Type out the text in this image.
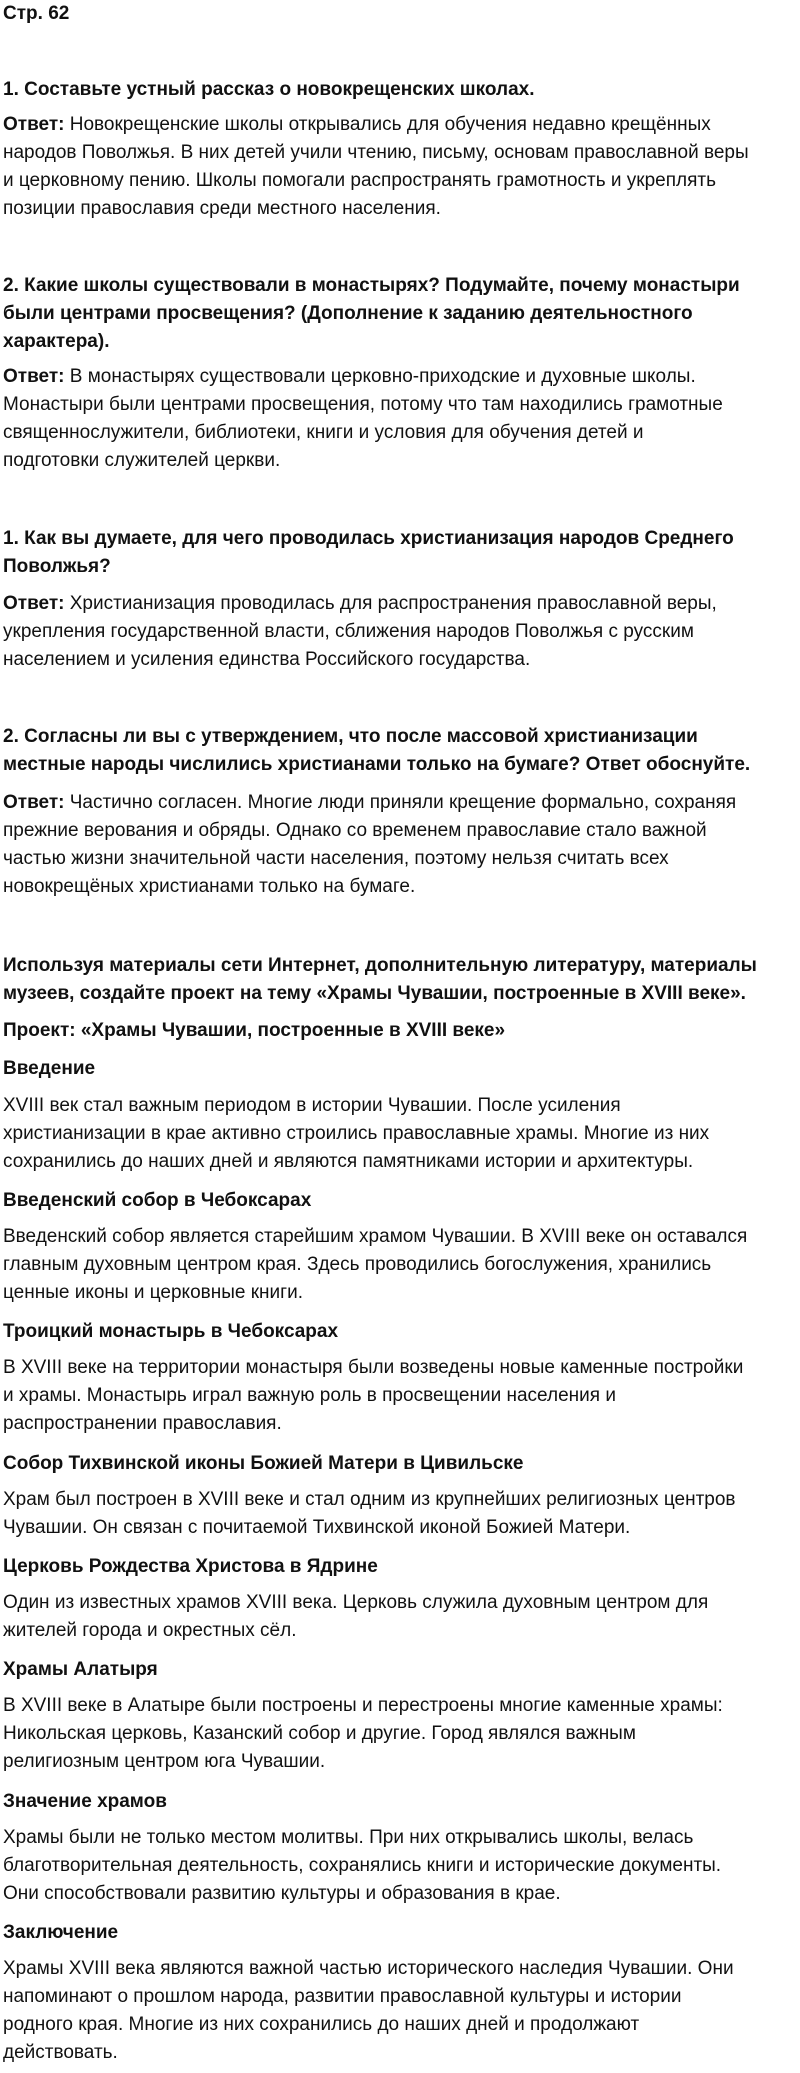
Стр. 62

1. Составьте устный рассказ о новокрещенских школах.

Ответ: Новокрещенские школы открывались для обучения недавно крещённых

народов Поволжья. В них детей учили чтению, письму, основам православной веры

и церковному пению. Школы помогали распространять грамотность и укреплять

позиции православия среди местного населения.

2. Какие школы существовали в монастырях? Подумайте, почему монастыри

были центрами просвещения? (Дополнение к заданию деятельностного

характера).

Ответ: В монастырях существовали церковно-приходские и духовные школы.

Монастыри были центрами просвещения, потому что там находились грамотные

священнослужители, библиотеки, книги и условия для обучения детей и

подготовки служителей церкви.

1. Как вы думаете, для чего проводилась христианизация народов Среднего

Поволжья?

Ответ: Христианизация проводилась для распространения православной веры,

укрепления государственной власти, сближения народов Поволжья с русским

населением и усиления единства Российского государства.

2. Согласны ли вы с утверждением, что после массовой христианизации

местные народы числились христианами только на бумаге? Ответ обоснуйте.

Ответ: Частично согласен. Многие люди приняли крещение формально, сохраняя

прежние верования и обряды. Однако со временем православие стало важной

частью жизни значительной части населения, поэтому нельзя считать всех

новокрещёных христианами только на бумаге.

Используя материалы сети Интернет, дополнительную литературу, материалы

музеев, создайте проект на тему «Храмы Чувашии, построенные в XVIII веке».

Проект: «Храмы Чувашии, построенные в XVIII веке»

Введение

XVIII век стал важным периодом в истории Чувашии. После усиления

христианизации в крае активно строились православные храмы. Многие из них

сохранились до наших дней и являются памятниками истории и архитектуры.

Введенский собор в Чебоксарах

Введенский собор является старейшим храмом Чувашии. В XVIII веке он оставался

главным духовным центром края. Здесь проводились богослужения, хранились

ценные иконы и церковные книги.

Троицкий монастырь в Чебоксарах

В XVIII веке на территории монастыря были возведены новые каменные постройки

и храмы. Монастырь играл важную роль в просвещении населения и

распространении православия.

Собор Тихвинской иконы Божией Матери в Цивильске

Храм был построен в XVIII веке и стал одним из крупнейших религиозных центров

Чувашии. Он связан с почитаемой Тихвинской иконой Божией Матери.

Церковь Рождества Христова в Ядрине

Один из известных храмов XVIII века. Церковь служила духовным центром для

жителей города и окрестных сёл.

Храмы Алатыря

В XVIII веке в Алатыре были построены и перестроены многие каменные храмы:

Никольская церковь, Казанский собор и другие. Город являлся важным

религиозным центром юга Чувашии.

Значение храмов

Храмы были не только местом молитвы. При них открывались школы, велась

благотворительная деятельность, сохранялись книги и исторические документы.

Они способствовали развитию культуры и образования в крае.

Заключение

Храмы XVIII века являются важной частью исторического наследия Чувашии. Они

напоминают о прошлом народа, развитии православной культуры и истории

родного края. Многие из них сохранились до наших дней и продолжают

действовать.
